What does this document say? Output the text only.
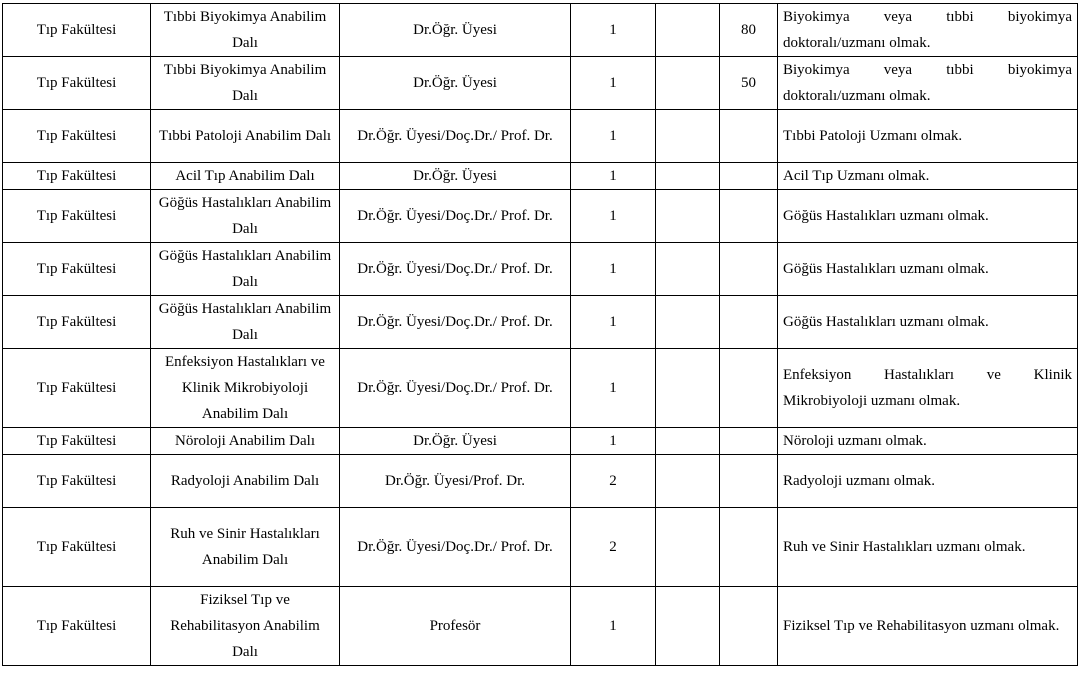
Tıp Fakültesi	Tıbbi Biyokimya Anabilim Dalı	Dr.Öğr. Üyesi	1		80	Biyokimya veya tıbbi biyokimya doktoralı/uzmanı olmak.
Tıp Fakültesi	Tıbbi Biyokimya Anabilim Dalı	Dr.Öğr. Üyesi	1		50	Biyokimya veya tıbbi biyokimya doktoralı/uzmanı olmak.
Tıp Fakültesi	Tıbbi Patoloji Anabilim Dalı	Dr.Öğr. Üyesi/Doç.Dr./ Prof. Dr.	1			Tıbbi Patoloji Uzmanı olmak.
Tıp Fakültesi	Acil Tıp Anabilim Dalı	Dr.Öğr. Üyesi	1			Acil Tıp Uzmanı olmak.
Tıp Fakültesi	Göğüs Hastalıkları Anabilim Dalı	Dr.Öğr. Üyesi/Doç.Dr./ Prof. Dr.	1			Göğüs Hastalıkları uzmanı olmak.
Tıp Fakültesi	Göğüs Hastalıkları Anabilim Dalı	Dr.Öğr. Üyesi/Doç.Dr./ Prof. Dr.	1			Göğüs Hastalıkları uzmanı olmak.
Tıp Fakültesi	Göğüs Hastalıkları Anabilim Dalı	Dr.Öğr. Üyesi/Doç.Dr./ Prof. Dr.	1			Göğüs Hastalıkları uzmanı olmak.
Tıp Fakültesi	Enfeksiyon Hastalıkları ve Klinik Mikrobiyoloji Anabilim Dalı	Dr.Öğr. Üyesi/Doç.Dr./ Prof. Dr.	1			Enfeksiyon Hastalıkları ve Klinik Mikrobiyoloji uzmanı olmak.
Tıp Fakültesi	Nöroloji Anabilim Dalı	Dr.Öğr. Üyesi	1			Nöroloji uzmanı olmak.
Tıp Fakültesi	Radyoloji Anabilim Dalı	Dr.Öğr. Üyesi/Prof. Dr.	2			Radyoloji uzmanı olmak.
Tıp Fakültesi	Ruh ve Sinir Hastalıkları Anabilim Dalı	Dr.Öğr. Üyesi/Doç.Dr./ Prof. Dr.	2			Ruh ve Sinir Hastalıkları uzmanı olmak.
Tıp Fakültesi	Fiziksel Tıp ve Rehabilitasyon Anabilim Dalı	Profesör	1			Fiziksel Tıp ve Rehabilitasyon uzmanı olmak.
